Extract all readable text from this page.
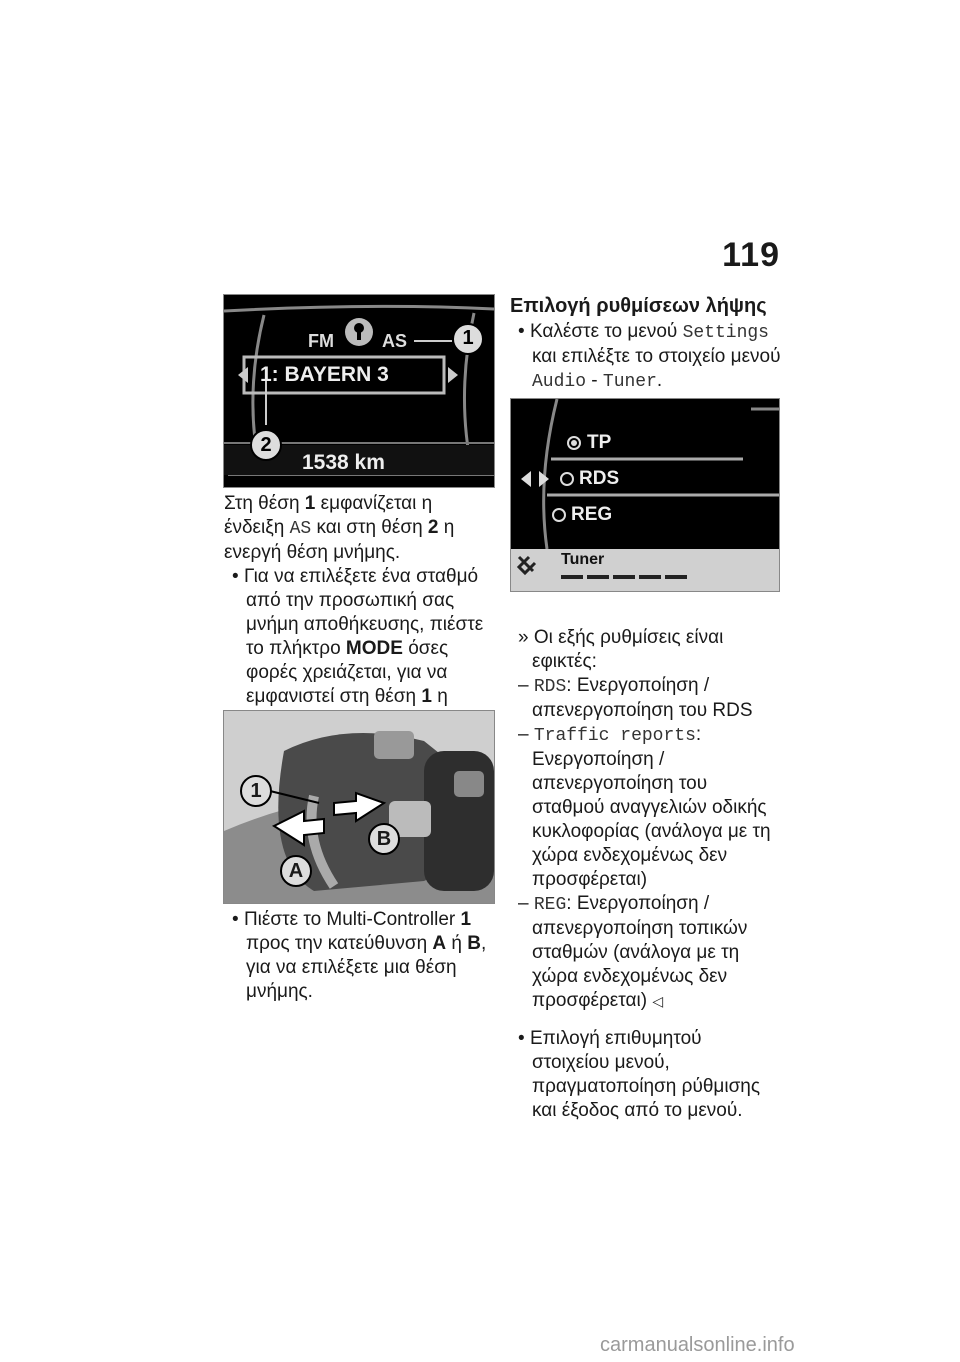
119
FM	AS
1: BAYERN 3
1538 km
1
2

Στη θέση 1 εμφανίζεται η ένδειξη AS και στη θέση 2 η ενεργή θέση μνήμης.

• Για να επιλέξετε ένα σταθμό από την προσωπική σας μνήμη αποθήκευσης, πιέστε το πλήκτρο MODE όσες φορές χρειάζεται, για να εμφανιστεί στη θέση 1 η

1
B
A

• Πιέστε το Multi-Controller 1 προς την κατεύθυνση A ή B, για να επιλέξετε μια θέση μνήμης.

Επιλογή ρυθμίσεων λήψης

• Καλέστε το μενού Settings και επιλέξτε το στοιχείο μενού Audio - Tuner.

TP
RDS
REG
Tuner

» Οι εξής ρυθμίσεις είναι εφικτές:

– RDS: Ενεργοποίηση / απενεργοποίηση του RDS

– Traffic reports: Ενεργοποίηση / απενεργοποίηση του σταθμού αναγγελιών οδικής κυκλοφορίας (ανάλογα με τη χώρα ενδεχομένως δεν προσφέρεται)

– REG: Ενεργοποίηση / απενεργοποίηση τοπικών σταθμών (ανάλογα με τη χώρα ενδεχομένως δεν προσφέρεται) ◁

• Επιλογή επιθυμητού στοιχείου μενού, πραγματοποίηση ρύθμισης και έξοδος από το μενού.

carmanualsonline.info
